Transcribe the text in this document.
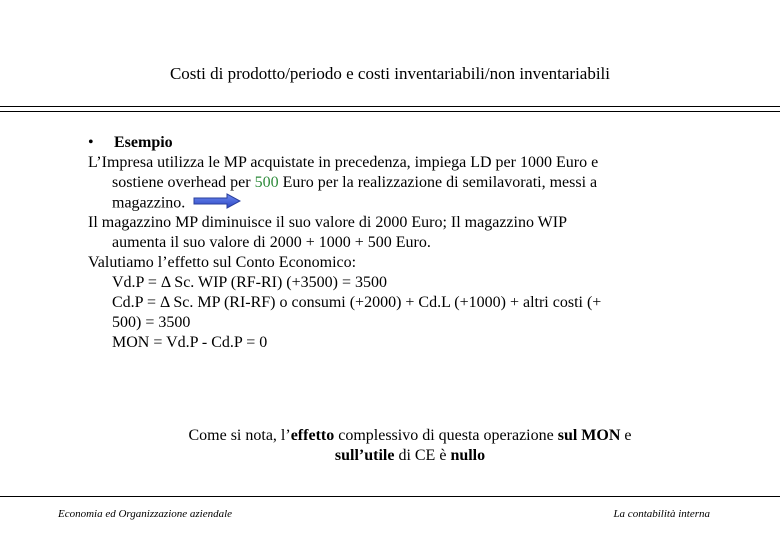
Costi di prodotto/periodo e costi inventariabili/non inventariabili
• Esempio
L’Impresa utilizza le MP acquistate in precedenza, impiega LD per 1000 Euro e
sostiene overhead per 500 Euro per la realizzazione di semilavorati, messi a
magazzino.
Il magazzino MP diminuisce il suo valore di 2000 Euro; Il magazzino WIP
aumenta il suo valore di 2000 + 1000 + 500 Euro.
Valutiamo l’effetto sul Conto Economico:
Vd.P = Δ Sc. WIP (RF-RI) (+3500) = 3500
Cd.P = Δ Sc. MP (RI-RF) o consumi (+2000) + Cd.L (+1000) + altri costi (+
500) = 3500
MON = Vd.P - Cd.P = 0
Come si nota, l’effetto complessivo di questa operazione sul MON e
sull’utile di CE è nullo
Economia ed Organizzazione aziendale	La contabilità interna
